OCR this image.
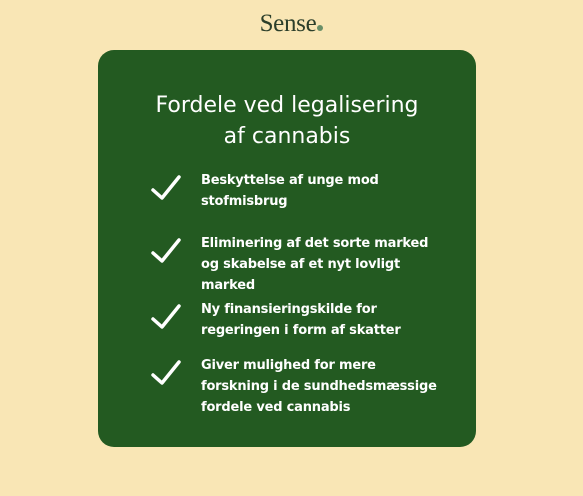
Sense
Fordele ved legalisering
af cannabis
Beskyttelse af unge mod stofmisbrug
Eliminering af det sorte marked og skabelse af et nyt lovligt marked
Ny finansieringskilde for regeringen i form af skatter
Giver mulighed for mere forskning i de sundhedsmæssige fordele ved cannabis
